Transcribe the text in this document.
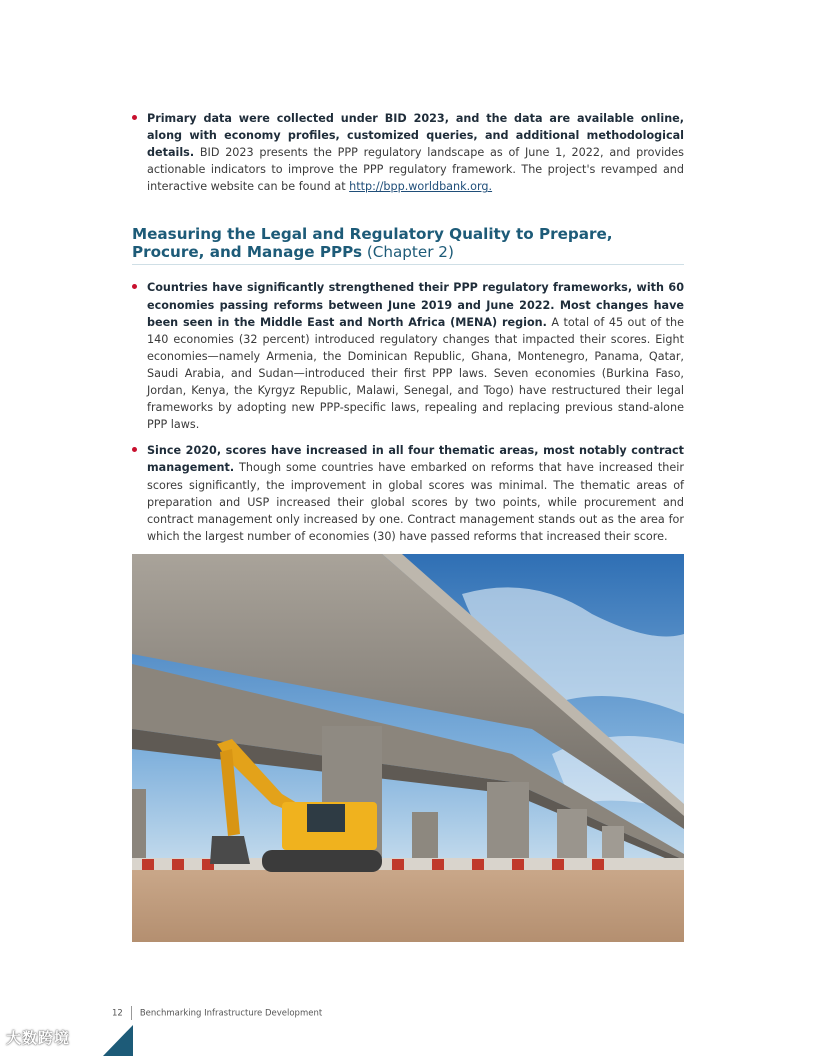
Primary data were collected under BID 2023, and the data are available online, along with economy profiles, customized queries, and additional methodological details. BID 2023 presents the PPP regulatory landscape as of June 1, 2022, and provides actionable indicators to improve the PPP regulatory framework. The project's revamped and interactive website can be found at http://bpp.worldbank.org.
Measuring the Legal and Regulatory Quality to Prepare, Procure, and Manage PPPs (Chapter 2)
Countries have significantly strengthened their PPP regulatory frameworks, with 60 economies passing reforms between June 2019 and June 2022. Most changes have been seen in the Middle East and North Africa (MENA) region. A total of 45 out of the 140 economies (32 percent) introduced regulatory changes that impacted their scores. Eight economies—namely Armenia, the Dominican Republic, Ghana, Montenegro, Panama, Qatar, Saudi Arabia, and Sudan—introduced their first PPP laws. Seven economies (Burkina Faso, Jordan, Kenya, the Kyrgyz Republic, Malawi, Senegal, and Togo) have restructured their legal frameworks by adopting new PPP-specific laws, repealing and replacing previous stand-alone PPP laws.
Since 2020, scores have increased in all four thematic areas, most notably contract management. Though some countries have embarked on reforms that have increased their scores significantly, the improvement in global scores was minimal. The thematic areas of preparation and USP increased their global scores by two points, while procurement and contract management only increased by one. Contract management stands out as the area for which the largest number of economies (30) have passed reforms that increased their score.
12 Benchmarking Infrastructure Development
大数跨境
